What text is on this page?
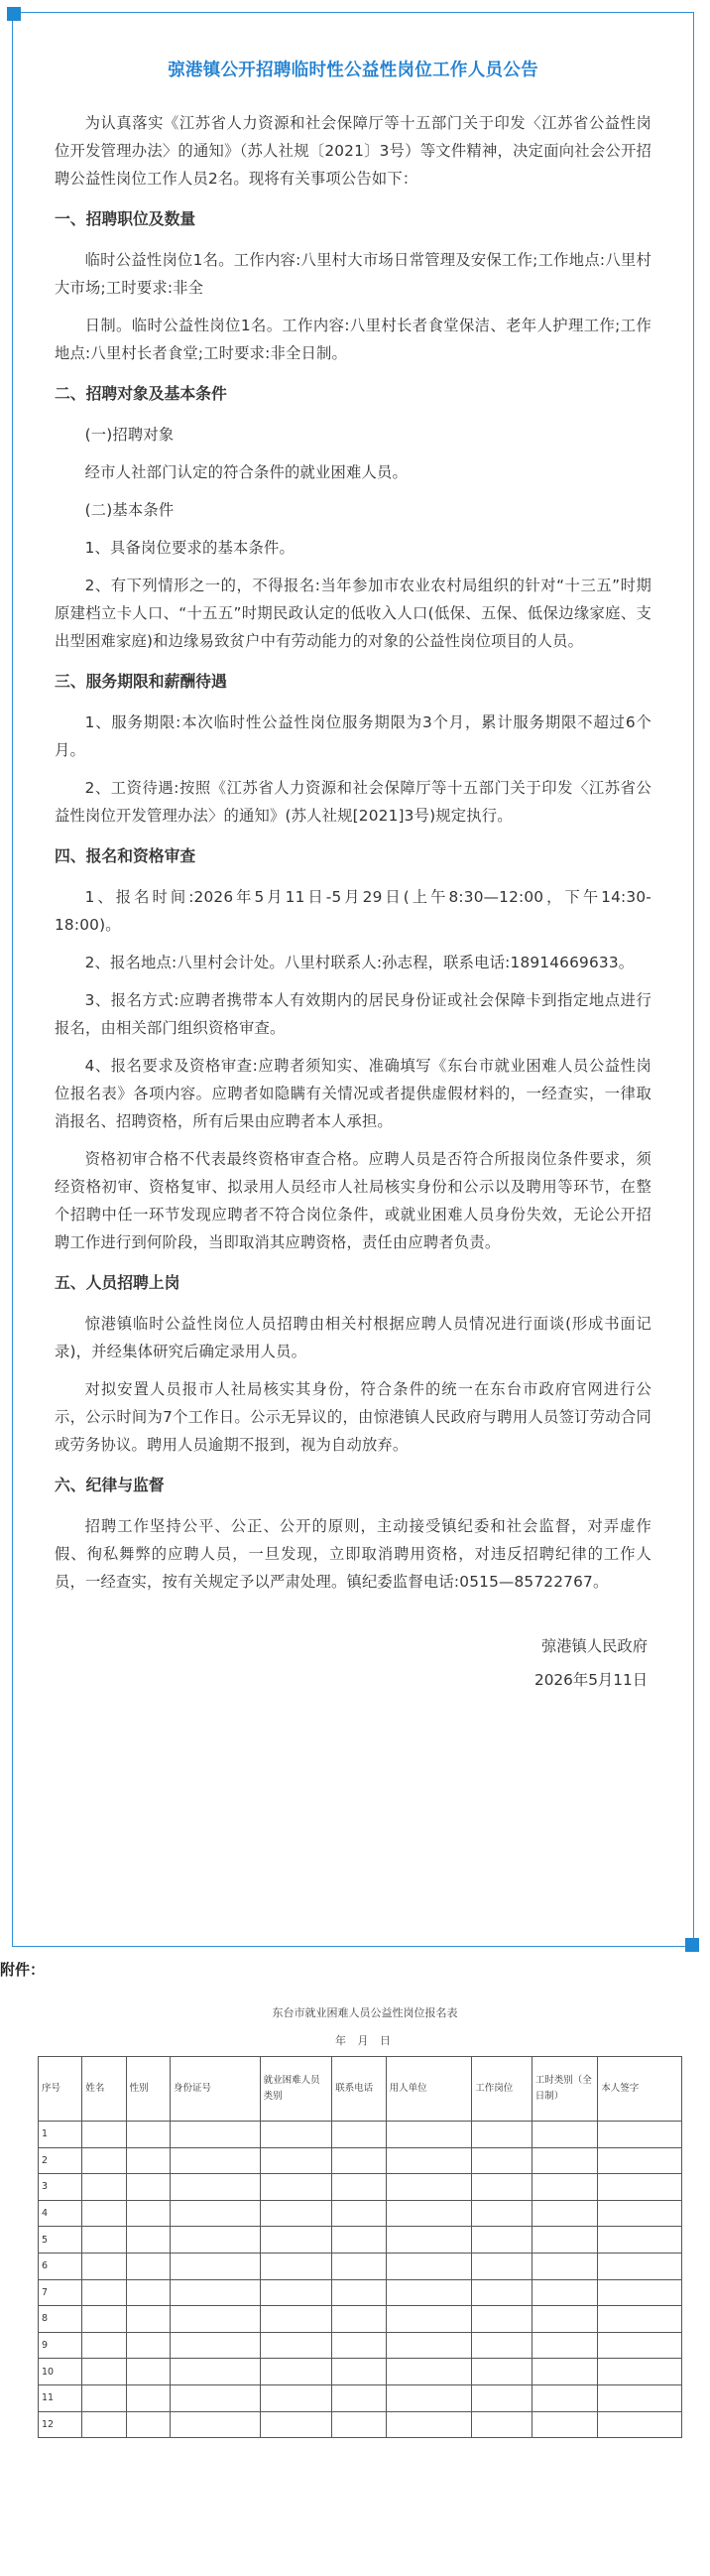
弶港镇公开招聘临时性公益性岗位工作人员公告

为认真落实《江苏省人力资源和社会保障厅等十五部门关于印发〈江苏省公益性岗位开发管理办法〉的通知》（苏人社规〔2021〕3号）等文件精神，决定面向社会公开招聘公益性岗位工作人员2名。现将有关事项公告如下：

一、招聘职位及数量

临时公益性岗位1名。工作内容:八里村大市场日常管理及安保工作;工作地点:八里村大市场;工时要求:非全

日制。临时公益性岗位1名。工作内容:八里村长者食堂保洁、老年人护理工作;工作地点:八里村长者食堂;工时要求:非全日制。

二、招聘对象及基本条件

(一)招聘对象

经市人社部门认定的符合条件的就业困难人员。

(二)基本条件

1、具备岗位要求的基本条件。

2、有下列情形之一的，不得报名:当年参加市农业农村局组织的针对“十三五”时期原建档立卡人口、“十五五”时期民政认定的低收入人口(低保、五保、低保边缘家庭、支出型困难家庭)和边缘易致贫户中有劳动能力的对象的公益性岗位项目的人员。

三、服务期限和薪酬待遇

1、服务期限:本次临时性公益性岗位服务期限为3个月，累计服务期限不超过6个月。

2、工资待遇:按照《江苏省人力资源和社会保障厅等十五部门关于印发〈江苏省公益性岗位开发管理办法〉的通知》(苏人社规[2021]3号)规定执行。

四、报名和资格审查

1、报名时间:2026年5月11日-5月29日(上午8:30—12:00，下午14:30-18:00)。

2、报名地点:八里村会计处。八里村联系人:孙志程，联系电话:18914669633。

3、报名方式:应聘者携带本人有效期内的居民身份证或社会保障卡到指定地点进行报名，由相关部门组织资格审查。

4、报名要求及资格审查:应聘者须知实、准确填写《东台市就业困难人员公益性岗位报名表》各项内容。应聘者如隐瞒有关情况或者提供虚假材料的，一经查实，一律取消报名、招聘资格，所有后果由应聘者本人承担。

资格初审合格不代表最终资格审查合格。应聘人员是否符合所报岗位条件要求，须经资格初审、资格复审、拟录用人员经市人社局核实身份和公示以及聘用等环节，在整个招聘中任一环节发现应聘者不符合岗位条件，或就业困难人员身份失效，无论公开招聘工作进行到何阶段，当即取消其应聘资格，责任由应聘者负责。

五、人员招聘上岗

惊港镇临时公益性岗位人员招聘由相关村根据应聘人员情况进行面谈(形成书面记录)，并经集体研究后确定录用人员。

对拟安置人员报市人社局核实其身份，符合条件的统一在东台市政府官网进行公示，公示时间为7个工作日。公示无异议的，由惊港镇人民政府与聘用人员签订劳动合同或劳务协议。聘用人员逾期不报到，视为自动放弃。

六、纪律与监督

招聘工作坚持公平、公正、公开的原则，主动接受镇纪委和社会监督，对弄虚作假、徇私舞弊的应聘人员，一旦发现，立即取消聘用资格，对违反招聘纪律的工作人员，一经查实，按有关规定予以严肃处理。镇纪委监督电话:0515—85722767。

弶港镇人民政府
2026年5月11日
附件：
东台市就业困难人员公益性岗位报名表
年 月 日
序号	姓名	性别	身份证号	就业困难人员类别	联系电话	用人单位	工作岗位	工时类别（全日制）	本人签字
1									
2									
3									
4									
5									
6									
7									
8									
9									
10									
11									
12									
